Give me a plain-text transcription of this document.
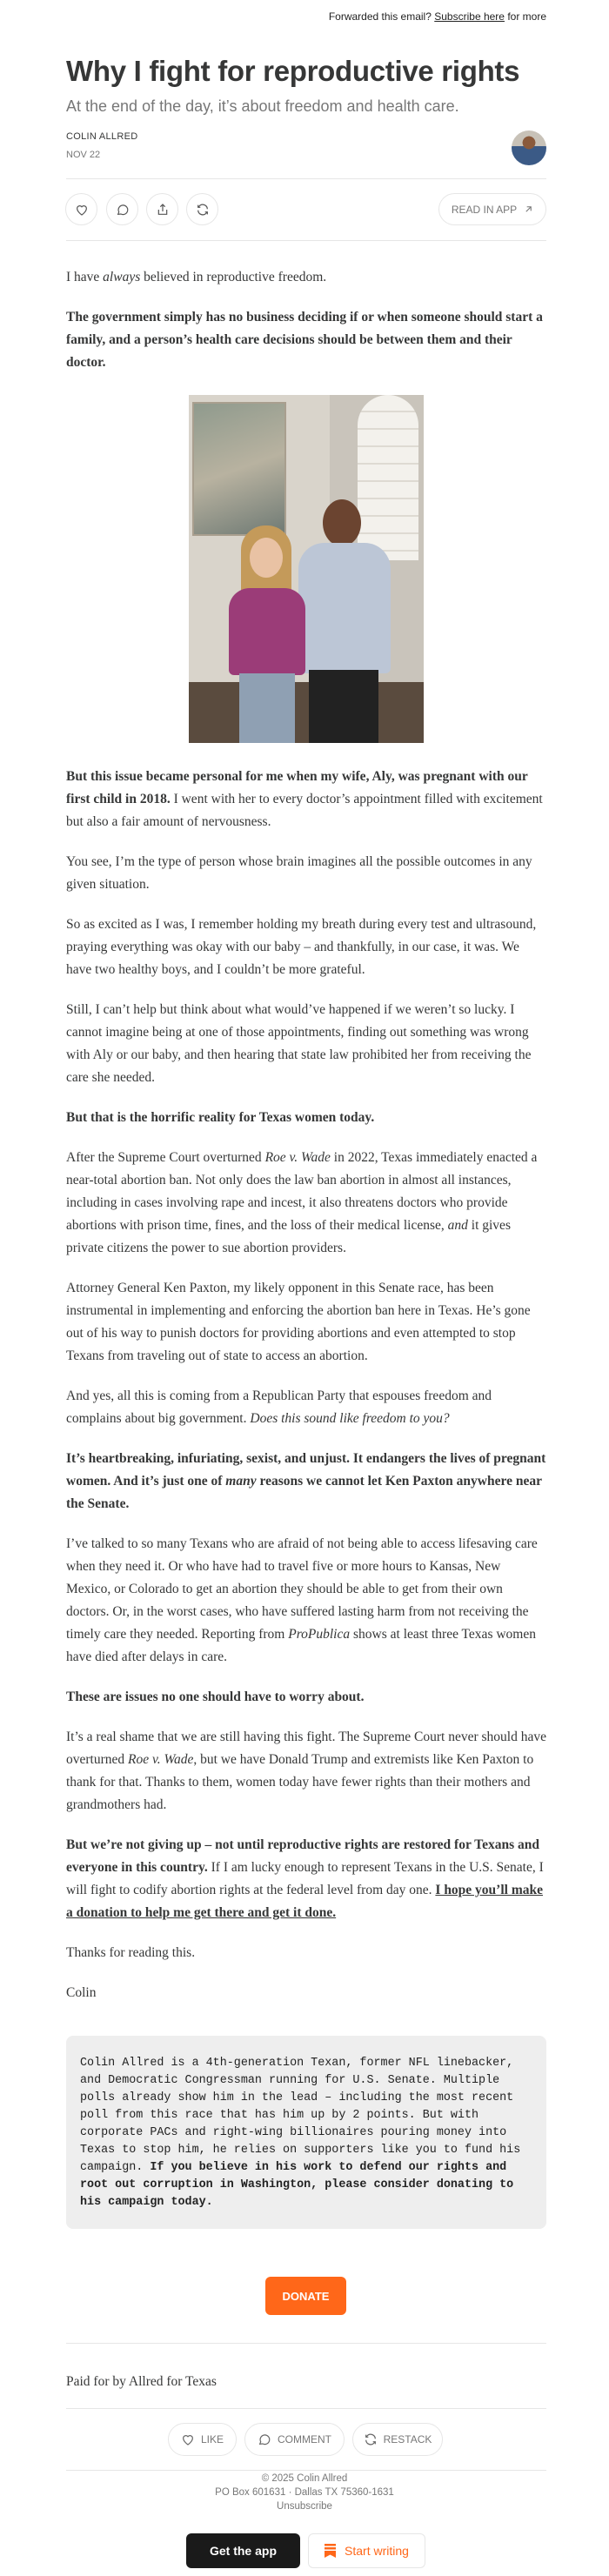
Forwarded this email? Subscribe here for more
Why I fight for reproductive rights
At the end of the day, it’s about freedom and health care.
COLIN ALLRED
NOV 22
READ IN APP

I have always believed in reproductive freedom.

The government simply has no business deciding if or when someone should start a family, and a person’s health care decisions should be between them and their doctor.

But this issue became personal for me when my wife, Aly, was pregnant with our first child in 2018. I went with her to every doctor’s appointment filled with excitement but also a fair amount of nervousness.

You see, I’m the type of person whose brain imagines all the possible outcomes in any given situation.

So as excited as I was, I remember holding my breath during every test and ultrasound, praying everything was okay with our baby – and thankfully, in our case, it was. We have two healthy boys, and I couldn’t be more grateful.

Still, I can’t help but think about what would’ve happened if we weren’t so lucky. I cannot imagine being at one of those appointments, finding out something was wrong with Aly or our baby, and then hearing that state law prohibited her from receiving the care she needed.

But that is the horrific reality for Texas women today.

After the Supreme Court overturned Roe v. Wade in 2022, Texas immediately enacted a near-total abortion ban. Not only does the law ban abortion in almost all instances, including in cases involving rape and incest, it also threatens doctors who provide abortions with prison time, fines, and the loss of their medical license, and it gives private citizens the power to sue abortion providers.

Attorney General Ken Paxton, my likely opponent in this Senate race, has been instrumental in implementing and enforcing the abortion ban here in Texas. He’s gone out of his way to punish doctors for providing abortions and even attempted to stop Texans from traveling out of state to access an abortion.

And yes, all this is coming from a Republican Party that espouses freedom and complains about big government. Does this sound like freedom to you?

It’s heartbreaking, infuriating, sexist, and unjust. It endangers the lives of pregnant women. And it’s just one of many reasons we cannot let Ken Paxton anywhere near the Senate.

I’ve talked to so many Texans who are afraid of not being able to access lifesaving care when they need it. Or who have had to travel five or more hours to Kansas, New Mexico, or Colorado to get an abortion they should be able to get from their own doctors. Or, in the worst cases, who have suffered lasting harm from not receiving the timely care they needed. Reporting from ProPublica shows at least three Texas women have died after delays in care.

These are issues no one should have to worry about.

It’s a real shame that we are still having this fight. The Supreme Court never should have overturned Roe v. Wade, but we have Donald Trump and extremists like Ken Paxton to thank for that. Thanks to them, women today have fewer rights than their mothers and grandmothers had.

But we’re not giving up – not until reproductive rights are restored for Texans and everyone in this country. If I am lucky enough to represent Texans in the U.S. Senate, I will fight to codify abortion rights at the federal level from day one. I hope you’ll make a donation to help me get there and get it done.

Thanks for reading this.

Colin

Colin Allred is a 4th-generation Texan, former NFL linebacker, and Democratic Congressman running for U.S. Senate. Multiple polls already show him in the lead – including the most recent poll from this race that has him up by 2 points. But with corporate PACs and right-wing billionaires pouring money into Texas to stop him, he relies on supporters like you to fund his campaign. If you believe in his work to defend our rights and root out corruption in Washington, please consider donating to his campaign today.
DONATE
Paid for by Allred for Texas
LIKE	COMMENT	RESTACK
© 2025 Colin Allred
PO Box 601631 · Dallas TX 75360-1631
Unsubscribe
Get the app	Start writing
